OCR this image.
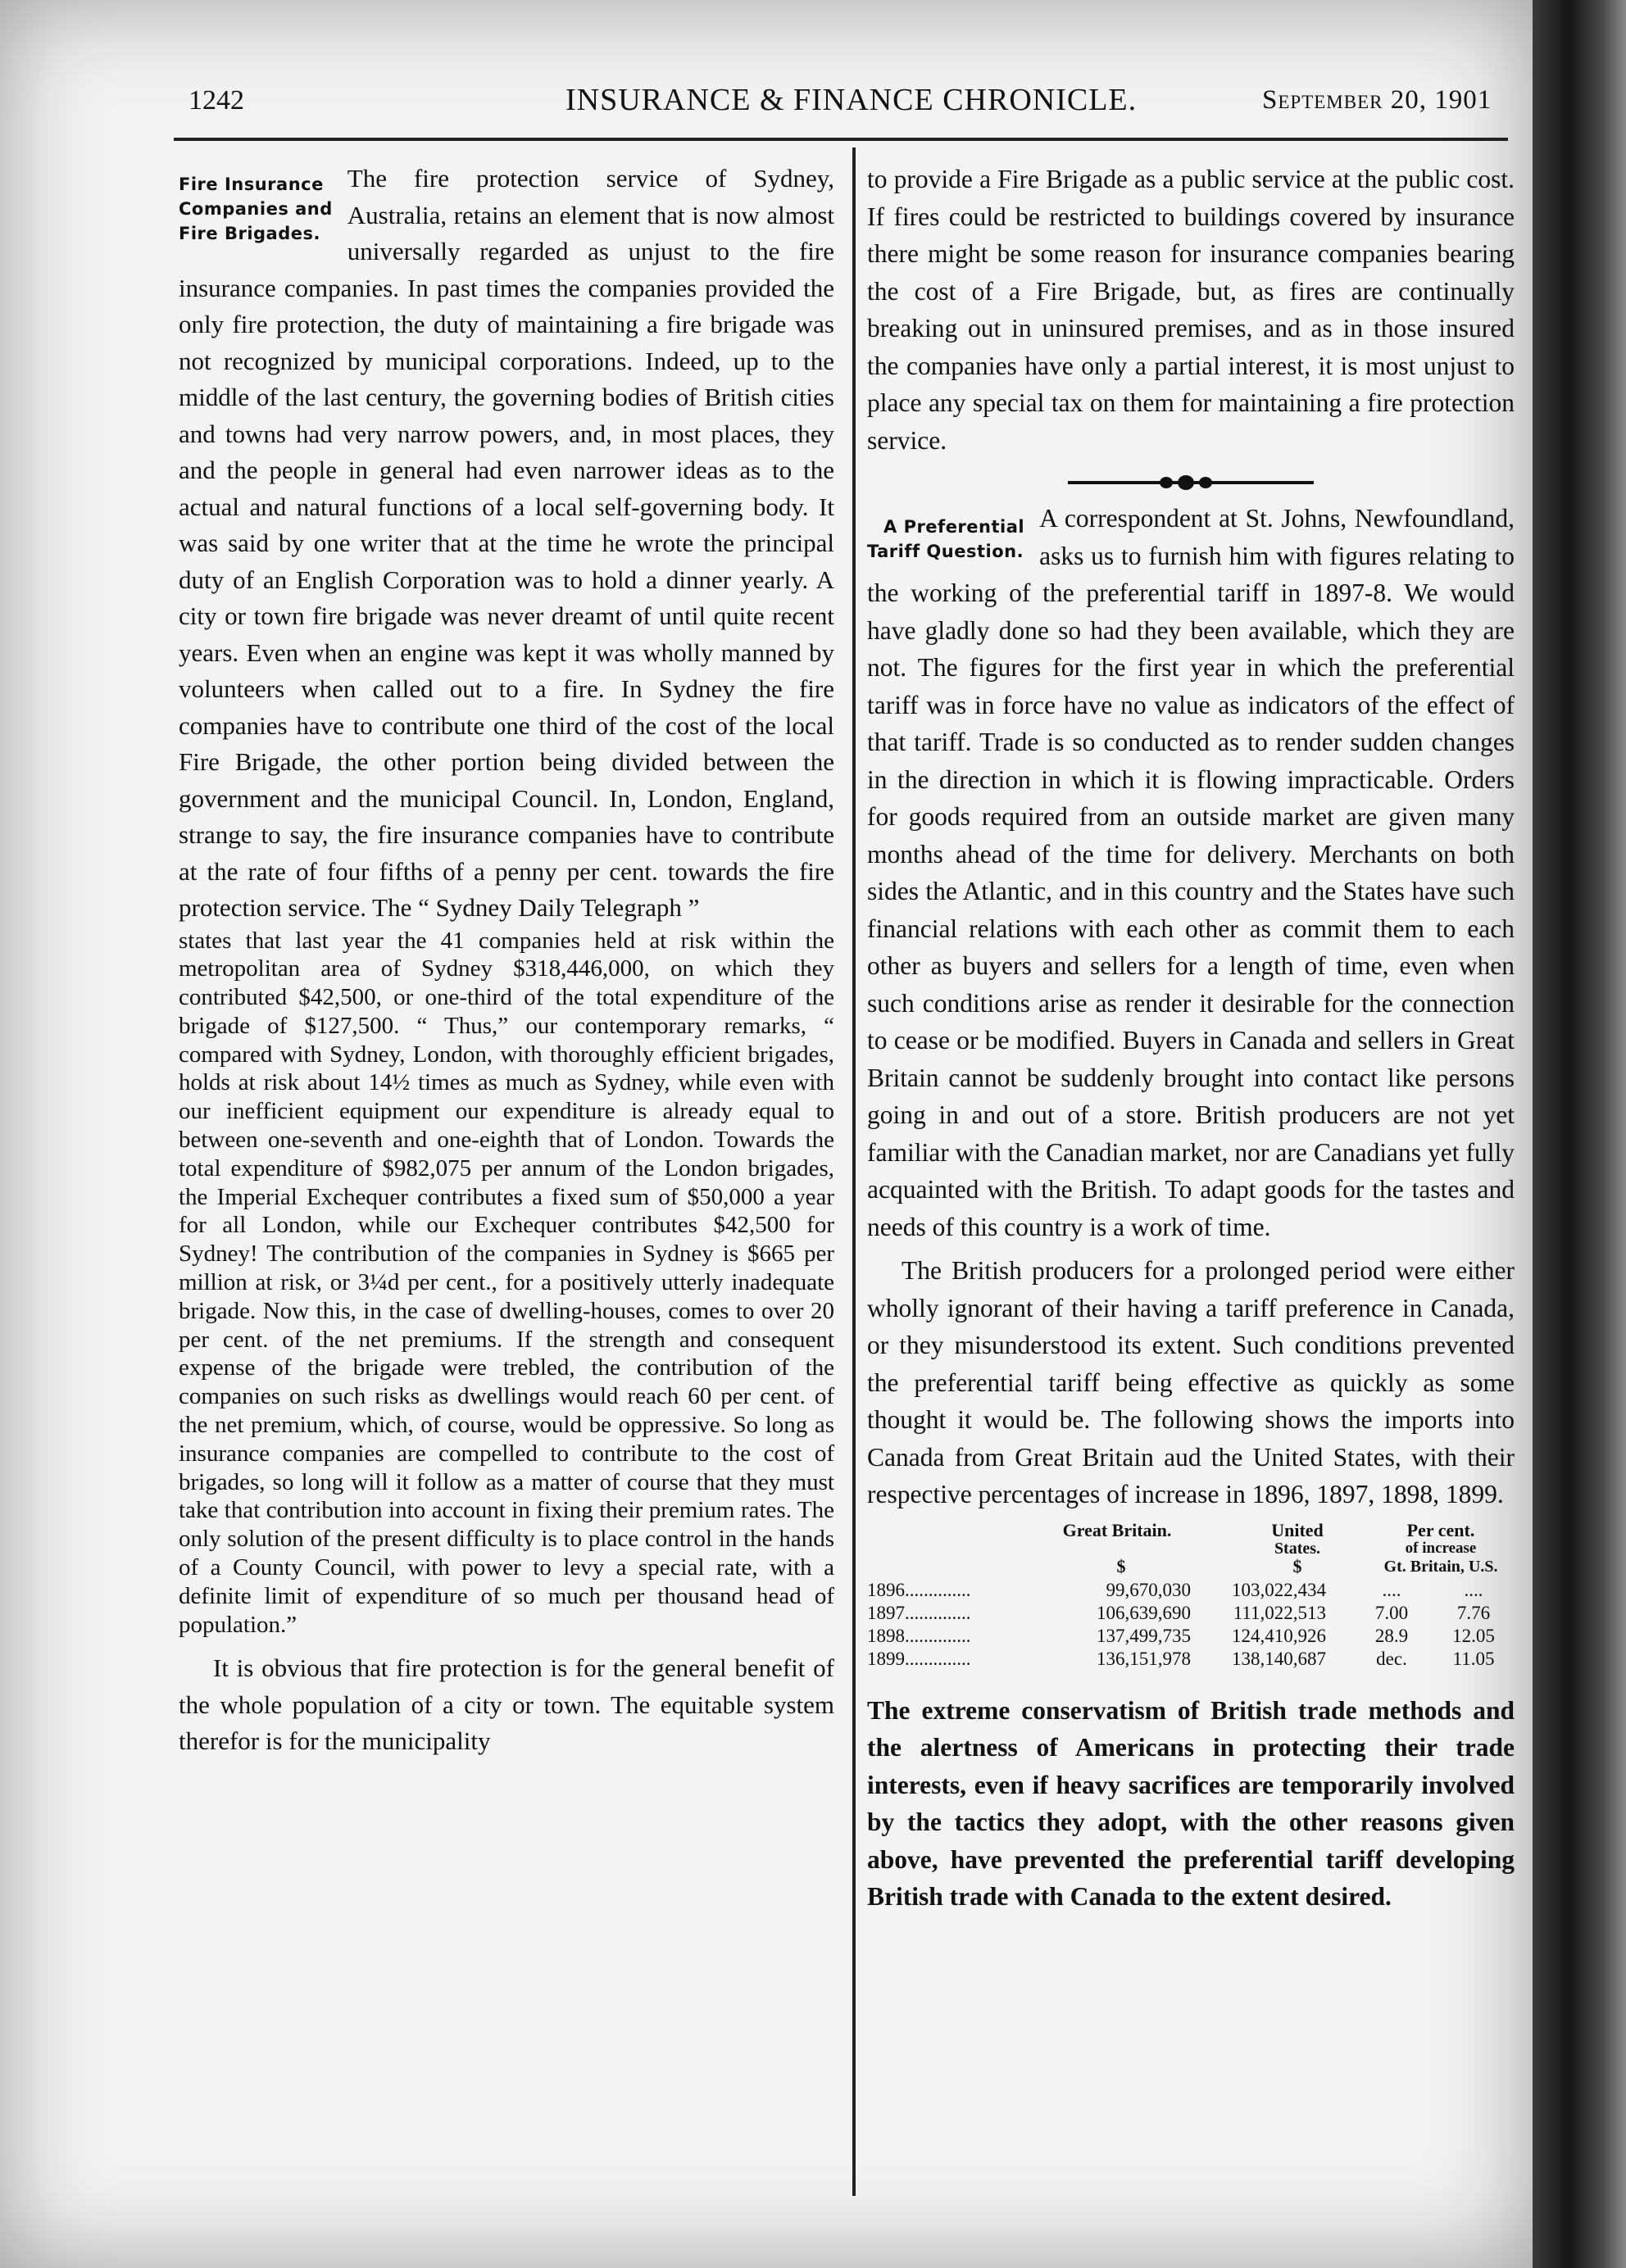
1242	INSURANCE & FINANCE CHRONICLE.	September 20, 1901
Fire Insurance
Companies and
Fire Brigades.

The fire protection service of Sydney, Australia, retains an element that is now almost universally regarded as unjust to the fire insurance companies. In past times the companies provided the only fire protection, the duty of maintaining a fire brigade was not recognized by municipal corporations. Indeed, up to the middle of the last century, the governing bodies of British cities and towns had very narrow powers, and, in most places, they and the people in general had even narrower ideas as to the actual and natural functions of a local self-governing body. It was said by one writer that at the time he wrote the principal duty of an English Corporation was to hold a dinner yearly. A city or town fire brigade was never dreamt of until quite recent years. Even when an engine was kept it was wholly manned by volunteers when called out to a fire. In Sydney the fire companies have to contribute one third of the cost of the local Fire Brigade, the other portion being divided between the government and the municipal Council. In, London, England, strange to say, the fire insurance companies have to contribute at the rate of four fifths of a penny per cent. towards the fire protection service. The “ Sydney Daily Telegraph ”

states that last year the 41 companies held at risk within the metropolitan area of Sydney $318,446,000, on which they contributed $42,500, or one-third of the total expenditure of the brigade of $127,500. “ Thus,” our contemporary remarks, “ compared with Sydney, London, with thoroughly efficient brigades, holds at risk about 14½ times as much as Sydney, while even with our inefficient equipment our expenditure is already equal to between one-seventh and one-eighth that of London. Towards the total expenditure of $982,075 per annum of the London brigades, the Imperial Exchequer contributes a fixed sum of $50,000 a year for all London, while our Exchequer contributes $42,500 for Sydney! The contribution of the companies in Sydney is $665 per million at risk, or 3¼d per cent., for a positively utterly inadequate brigade. Now this, in the case of dwelling-houses, comes to over 20 per cent. of the net premiums. If the strength and consequent expense of the brigade were trebled, the contribution of the companies on such risks as dwellings would reach 60 per cent. of the net premium, which, of course, would be oppressive. So long as insurance companies are compelled to contribute to the cost of brigades, so long will it follow as a matter of course that they must take that contribution into account in fixing their premium rates. The only solution of the present difficulty is to place control in the hands of a County Council, with power to levy a special rate, with a definite limit of expenditure of so much per thousand head of population.”

It is obvious that fire protection is for the general benefit of the whole population of a city or town. The equitable system therefor is for the municipality

to provide a Fire Brigade as a public service at the public cost. If fires could be restricted to buildings covered by insurance there might be some reason for insurance companies bearing the cost of a Fire Brigade, but, as fires are continually breaking out in uninsured premises, and as in those insured the companies have only a partial interest, it is most unjust to place any special tax on them for maintaining a fire protection service.

A Preferential
Tariff Question.

A correspondent at St. Johns, Newfoundland, asks us to furnish him with figures relating to the working of the preferential tariff in 1897-8. We would have gladly done so had they been available, which they are not. The figures for the first year in which the preferential tariff was in force have no value as indicators of the effect of that tariff. Trade is so conducted as to render sudden changes in the direction in which it is flowing impracticable. Orders for goods required from an outside market are given many months ahead of the time for delivery. Merchants on both sides the Atlantic, and in this country and the States have such financial relations with each other as commit them to each other as buyers and sellers for a length of time, even when such conditions arise as render it desirable for the connection to cease or be modified. Buyers in Canada and sellers in Great Britain cannot be suddenly brought into contact like persons going in and out of a store. British producers are not yet familiar with the Canadian market, nor are Canadians yet fully acquainted with the British. To adapt goods for the tastes and needs of this country is a work of time.

The British producers for a prolonged period were either wholly ignorant of their having a tariff preference in Canada, or they misunderstood its extent. Such conditions prevented the preferential tariff being effective as quickly as some thought it would be. The following shows the imports into Canada from Great Britain aud the United States, with their respective percentages of increase in 1896, 1897, 1898, 1899.

Great Britain.	United
States.
Per cent.
of increase
Gt. Britain, U.S.
$	$
1896..............	99,670,030	103,022,434	....	....
1897..............	106,639,690	111,022,513	7.00	7.76
1898..............	137,499,735	124,410,926	28.9	12.05
1899..............	136,151,978	138,140,687	dec.	11.05

The extreme conservatism of British trade methods and the alertness of Americans in protecting their trade interests, even if heavy sacrifices are temporarily involved by the tactics they adopt, with the other reasons given above, have prevented the preferential tariff developing British trade with Canada to the extent desired.
